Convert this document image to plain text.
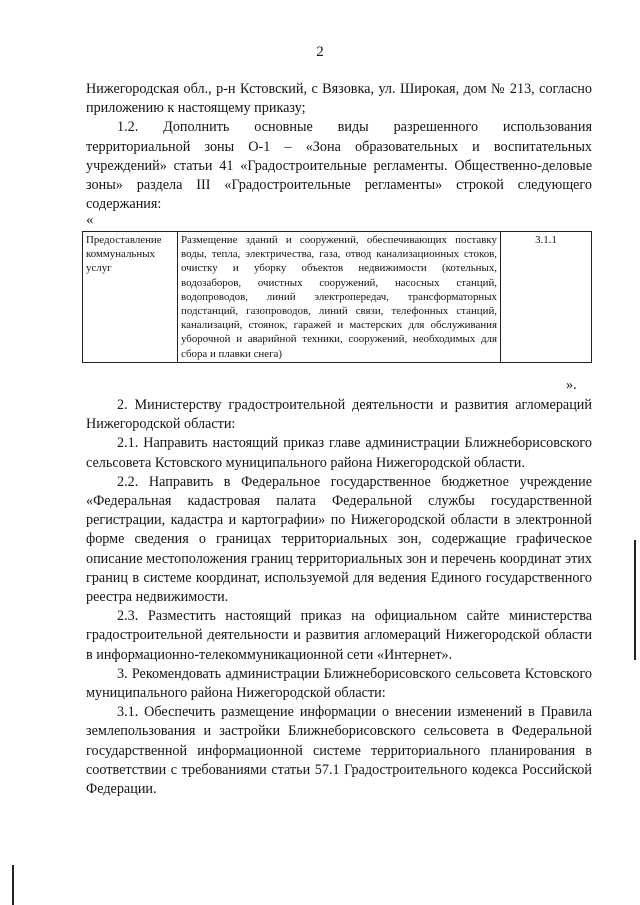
2

Нижегородская обл., р-н Кстовский, с Вязовка, ул. Широкая, дом № 213, согласно приложению к настоящему приказу;

1.2. Дополнить основные виды разрешенного использования территориальной зоны О-1 – «Зона образовательных и воспитательных учреждений» статьи 41 «Градостроительные регламенты. Общественно-деловые зоны» раздела III «Градостроительные регламенты» строкой следующего содержания:

«
Предоставление коммунальных услуг	Размещение зданий и сооружений, обеспечивающих поставку воды, тепла, электричества, газа, отвод канализационных стоков, очистку и уборку объектов недвижимости (котельных, водозаборов, очистных сооружений, насосных станций, водопроводов, линий электропередач, трансформаторных подстанций, газопроводов, линий связи, телефонных станций, канализаций, стоянок, гаражей и мастерских для обслуживания уборочной и аварийной техники, сооружений, необходимых для сбора и плавки снега)	3.1.1
».

2. Министерству градостроительной деятельности и развития агломераций Нижегородской области:

2.1. Направить настоящий приказ главе администрации Ближнеборисовского сельсовета Кстовского муниципального района Нижегородской области.

2.2. Направить в Федеральное государственное бюджетное учреждение «Федеральная кадастровая палата Федеральной службы государственной регистрации, кадастра и картографии» по Нижегородской области в электронной форме сведения о границах территориальных зон, содержащие графическое описание местоположения границ территориальных зон и перечень координат этих границ в системе координат, используемой для ведения Единого государственного реестра недвижимости.

2.3. Разместить настоящий приказ на официальном сайте министерства градостроительной деятельности и развития агломераций Нижегородской области в информационно-телекоммуникационной сети «Интернет».

3. Рекомендовать администрации Ближнеборисовского сельсовета Кстовского муниципального района Нижегородской области:

3.1. Обеспечить размещение информации о внесении изменений в Правила землепользования и застройки Ближнеборисовского сельсовета в Федеральной государственной информационной системе территориального планирования в соответствии с требованиями статьи 57.1 Градостроительного кодекса Российской Федерации.
